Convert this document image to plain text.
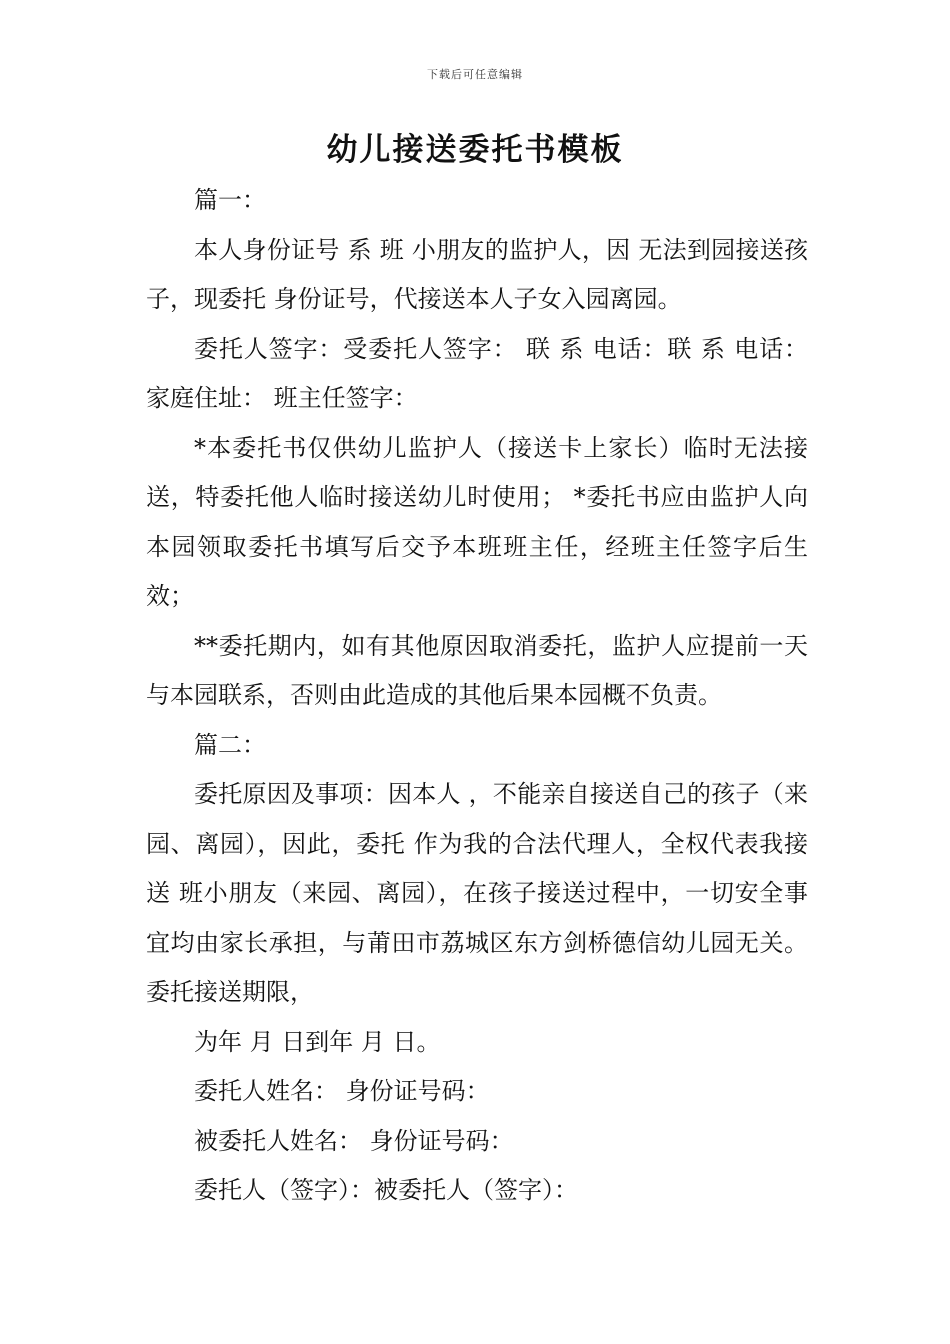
下载后可任意编辑
幼儿接送委托书模板

篇一：

本人身份证号 系 班 小朋友的监护人，因 无法到园接送孩子，现委托 身份证号，代接送本人子女入园离园。

委托人签字：受委托人签字： 联 系 电话：联 系 电话：家庭住址： 班主任签字：

*本委托书仅供幼儿监护人（接送卡上家长）临时无法接送，特委托他人临时接送幼儿时使用； *委托书应由监护人向本园领取委托书填写后交予本班班主任，经班主任签字后生效；

**委托期内，如有其他原因取消委托，监护人应提前一天与本园联系，否则由此造成的其他后果本园概不负责。

篇二：

委托原因及事项：因本人 ，不能亲自接送自己的孩子（来园、离园），因此，委托 作为我的合法代理人，全权代表我接送 班小朋友（来园、离园），在孩子接送过程中，一切安全事宜均由家长承担，与莆田市荔城区东方剑桥德信幼儿园无关。委托接送期限，

为年 月 日到年 月 日。

委托人姓名： 身份证号码：

被委托人姓名： 身份证号码：

委托人（签字）：被委托人（签字）：
